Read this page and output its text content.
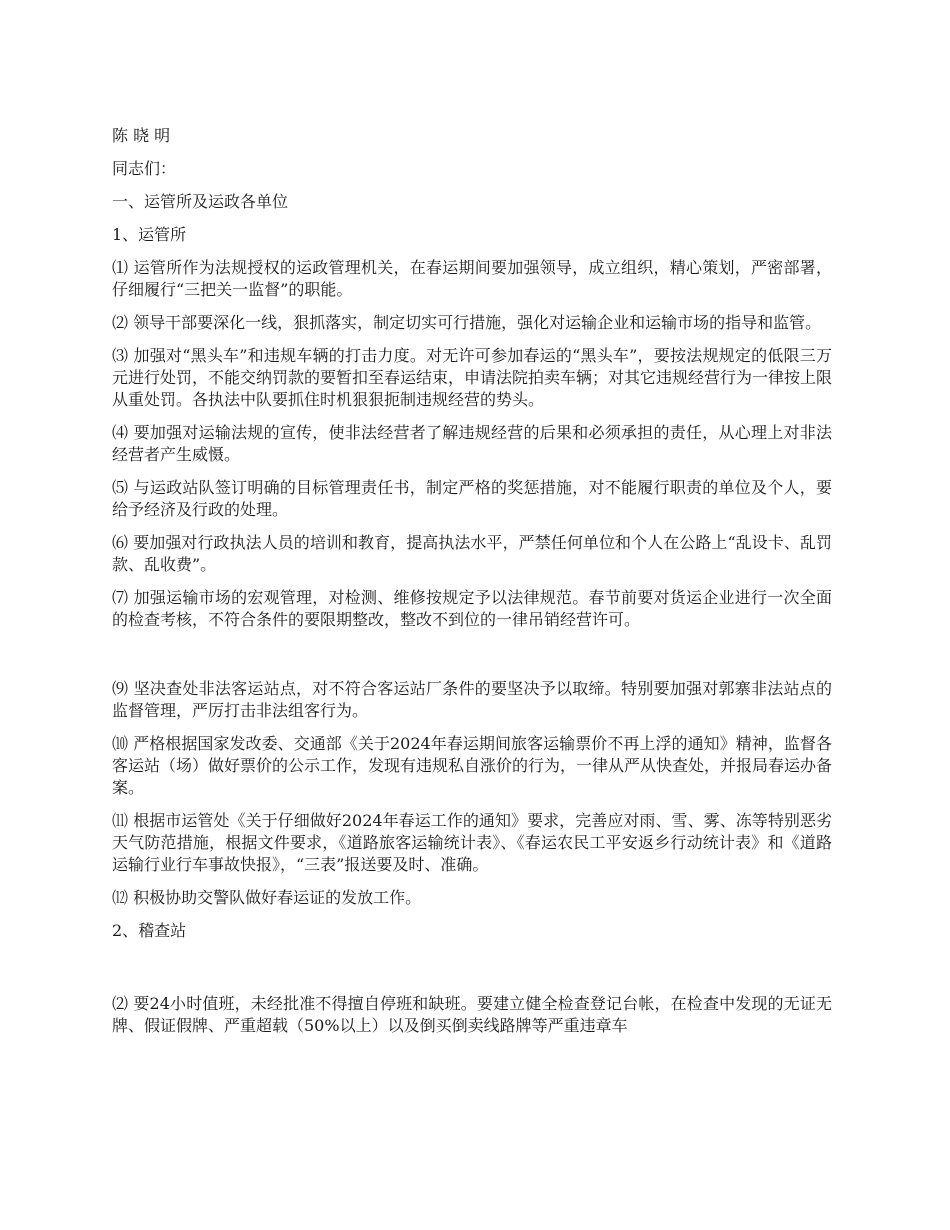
陈 晓 明

同志们：

一、运管所及运政各单位

1、运管所

⑴ 运管所作为法规授权的运政管理机关，在春运期间要加强领导，成立组织，精心策划，严密部署，仔细履行“三把关一监督”的职能。

⑵ 领导干部要深化一线，狠抓落实，制定切实可行措施，强化对运输企业和运输市场的指导和监管。

⑶ 加强对“黑头车”和违规车辆的打击力度。对无许可参加春运的“黑头车”，要按法规规定的低限三万元进行处罚，不能交纳罚款的要暂扣至春运结束，申请法院拍卖车辆；对其它违规经营行为一律按上限从重处罚。各执法中队要抓住时机狠狠扼制违规经营的势头。

⑷ 要加强对运输法规的宣传，使非法经营者了解违规经营的后果和必须承担的责任，从心理上对非法经营者产生威慑。

⑸ 与运政站队签订明确的目标管理责任书，制定严格的奖惩措施，对不能履行职责的单位及个人，要给予经济及行政的处理。

⑹ 要加强对行政执法人员的培训和教育，提高执法水平，严禁任何单位和个人在公路上“乱设卡、乱罚款、乱收费”。

⑺ 加强运输市场的宏观管理，对检测、维修按规定予以法律规范。春节前要对货运企业进行一次全面的检查考核，不符合条件的要限期整改，整改不到位的一律吊销经营许可。

⑼ 坚决查处非法客运站点，对不符合客运站厂条件的要坚决予以取缔。特别要加强对郭寨非法站点的监督管理，严厉打击非法组客行为。

⑽ 严格根据国家发改委、交通部《关于2024年春运期间旅客运输票价不再上浮的通知》精神，监督各客运站（场）做好票价的公示工作，发现有违规私自涨价的行为，一律从严从快查处，并报局春运办备案。

⑾ 根据市运管处《关于仔细做好2024年春运工作的通知》要求，完善应对雨、雪、雾、冻等特别恶劣天气防范措施，根据文件要求，《道路旅客运输统计表》、《春运农民工平安返乡行动统计表》和《道路运输行业行车事故快报》，“三表”报送要及时、准确。

⑿ 积极协助交警队做好春运证的发放工作。

2、稽查站

⑵ 要24小时值班，未经批准不得擅自停班和缺班。要建立健全检查登记台帐，在检查中发现的无证无牌、假证假牌、严重超载（50%以上）以及倒买倒卖线路牌等严重违章车
